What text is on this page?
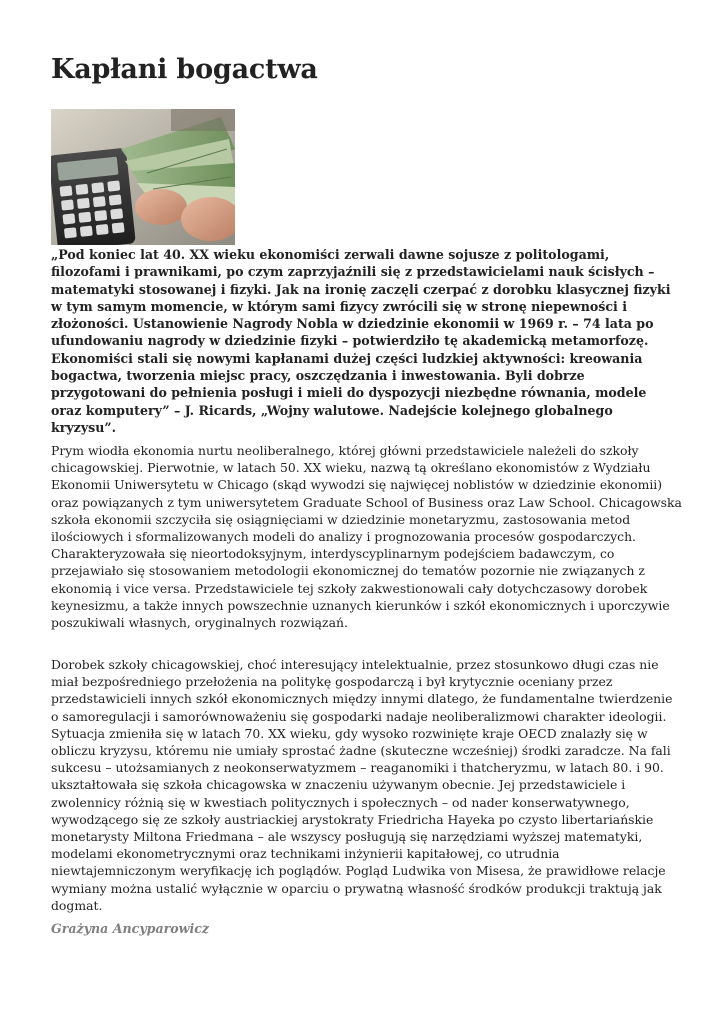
Kapłani bogactwa

„Pod koniec lat 40. XX wieku ekonomiści zerwali dawne sojusze z politologami, filozofami i prawnikami, po czym zaprzyjaźnili się z przedstawicielami nauk ścisłych – matematyki stosowanej i fizyki. Jak na ironię zaczęli czerpać z dorobku klasycznej fizyki w tym samym momencie, w którym sami fizycy zwrócili się w stronę niepewności i złożoności. Ustanowienie Nagrody Nobla w dziedzinie ekonomii w 1969 r. – 74 lata po ufundowaniu nagrody w dziedzinie fizyki – potwierdziło tę akademicką metamorfozę. Ekonomiści stali się nowymi kapłanami dużej części ludzkiej aktywności: kreowania bogactwa, tworzenia miejsc pracy, oszczędzania i inwestowania. Byli dobrze przygotowani do pełnienia posługi i mieli do dyspozycji niezbędne równania, modele oraz komputery” – J. Ricards, „Wojny walutowe. Nadejście kolejnego globalnego kryzysu”.

Prym wiodła ekonomia nurtu neoliberalnego, której główni przedstawiciele należeli do szkoły chicagowskiej. Pierwotnie, w latach 50. XX wieku, nazwą tą określano ekonomistów z Wydziału Ekonomii Uniwersytetu w Chicago (skąd wywodzi się najwięcej noblistów w dziedzinie ekonomii) oraz powiązanych z tym uniwersytetem Graduate School of Business oraz Law School. Chicagowska szkoła ekonomii szczyciła się osiągnięciami w dziedzinie monetaryzmu, zastosowania metod ilościowych i sformalizowanych modeli do analizy i prognozowania procesów gospodarczych. Charakteryzowała się nieortodoksyjnym, interdyscyplinarnym podejściem badawczym, co przejawiało się stosowaniem metodologii ekonomicznej do tematów pozornie nie związanych z ekonomią i vice versa. Przedstawiciele tej szkoły zakwestionowali cały dotychczasowy dorobek keynesizmu, a także innych powszechnie uznanych kierunków i szkół ekonomicznych i uporczywie poszukiwali własnych, oryginalnych rozwiązań.

Dorobek szkoły chicagowskiej, choć interesujący intelektualnie, przez stosunkowo długi czas nie miał bezpośredniego przełożenia na politykę gospodarczą i był krytycznie oceniany przez przedstawicieli innych szkół ekonomicznych między innymi dlatego, że fundamentalne twierdzenie o samoregulacji i samorównoważeniu się gospodarki nadaje neoliberalizmowi charakter ideologii. Sytuacja zmieniła się w latach 70. XX wieku, gdy wysoko rozwinięte kraje OECD znalazły się w obliczu kryzysu, któremu nie umiały sprostać żadne (skuteczne wcześniej) środki zaradcze. Na fali sukcesu – utożsamianych z neokonserwatyzmem – reaganomiki i thatcheryzmu, w latach 80. i 90. ukształtowała się szkoła chicagowska w znaczeniu używanym obecnie. Jej przedstawiciele i zwolennicy różnią się w kwestiach politycznych i społecznych – od nader konserwatywnego, wywodzącego się ze szkoły austriackiej arystokraty Friedricha Hayeka po czysto libertariańskie monetarysty Miltona Friedmana – ale wszyscy posługują się narzędziami wyższej matematyki, modelami ekonometrycznymi oraz technikami inżynierii kapitałowej, co utrudnia niewtajemniczonym weryfikację ich poglądów. Pogląd Ludwika von Misesa, że prawidłowe relacje wymiany można ustalić wyłącznie w oparciu o prywatną własność środków produkcji traktują jak dogmat.

Grażyna Ancyparowicz
